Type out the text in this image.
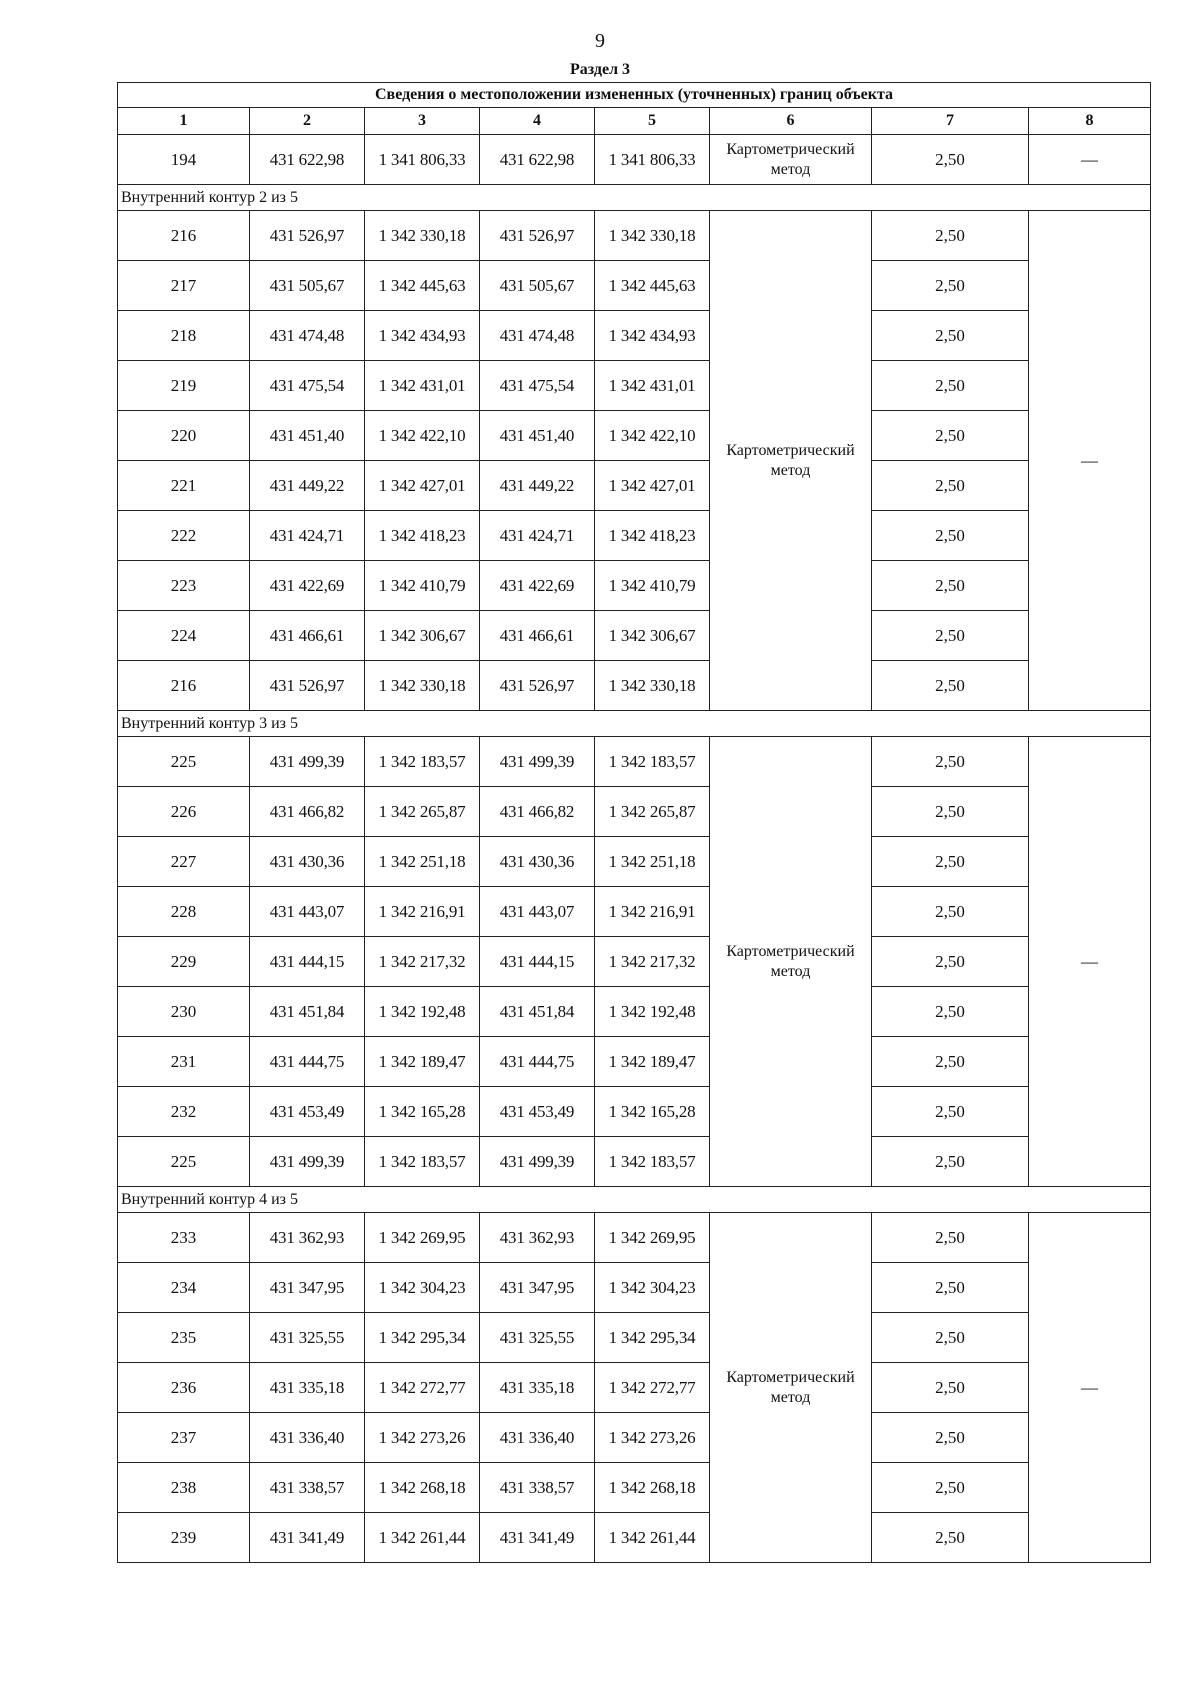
9
Раздел 3
Сведения о местоположении измененных (уточненных) границ объекта							
1	2	3	4	5	6	7	8
194	431 622,98	1 341 806,33	431 622,98	1 341 806,33	Картометрический метод	2,50	—
Внутренний контур 2 из 5							
216	431 526,97	1 342 330,18	431 526,97	1 342 330,18	Картометрический метод	2,50	—
217	431 505,67	1 342 445,63	431 505,67	1 342 445,63		2,50	
218	431 474,48	1 342 434,93	431 474,48	1 342 434,93		2,50	
219	431 475,54	1 342 431,01	431 475,54	1 342 431,01		2,50	
220	431 451,40	1 342 422,10	431 451,40	1 342 422,10		2,50	
221	431 449,22	1 342 427,01	431 449,22	1 342 427,01		2,50	
222	431 424,71	1 342 418,23	431 424,71	1 342 418,23		2,50	
223	431 422,69	1 342 410,79	431 422,69	1 342 410,79		2,50	
224	431 466,61	1 342 306,67	431 466,61	1 342 306,67		2,50	
216	431 526,97	1 342 330,18	431 526,97	1 342 330,18		2,50	
Внутренний контур 3 из 5							
225	431 499,39	1 342 183,57	431 499,39	1 342 183,57	Картометрический метод	2,50	—
226	431 466,82	1 342 265,87	431 466,82	1 342 265,87		2,50	
227	431 430,36	1 342 251,18	431 430,36	1 342 251,18		2,50	
228	431 443,07	1 342 216,91	431 443,07	1 342 216,91		2,50	
229	431 444,15	1 342 217,32	431 444,15	1 342 217,32		2,50	
230	431 451,84	1 342 192,48	431 451,84	1 342 192,48		2,50	
231	431 444,75	1 342 189,47	431 444,75	1 342 189,47		2,50	
232	431 453,49	1 342 165,28	431 453,49	1 342 165,28		2,50	
225	431 499,39	1 342 183,57	431 499,39	1 342 183,57		2,50	
Внутренний контур 4 из 5							
233	431 362,93	1 342 269,95	431 362,93	1 342 269,95	Картометрический метод	2,50	—
234	431 347,95	1 342 304,23	431 347,95	1 342 304,23		2,50	
235	431 325,55	1 342 295,34	431 325,55	1 342 295,34		2,50	
236	431 335,18	1 342 272,77	431 335,18	1 342 272,77		2,50	
237	431 336,40	1 342 273,26	431 336,40	1 342 273,26		2,50	
238	431 338,57	1 342 268,18	431 338,57	1 342 268,18		2,50	
239	431 341,49	1 342 261,44	431 341,49	1 342 261,44		2,50	
